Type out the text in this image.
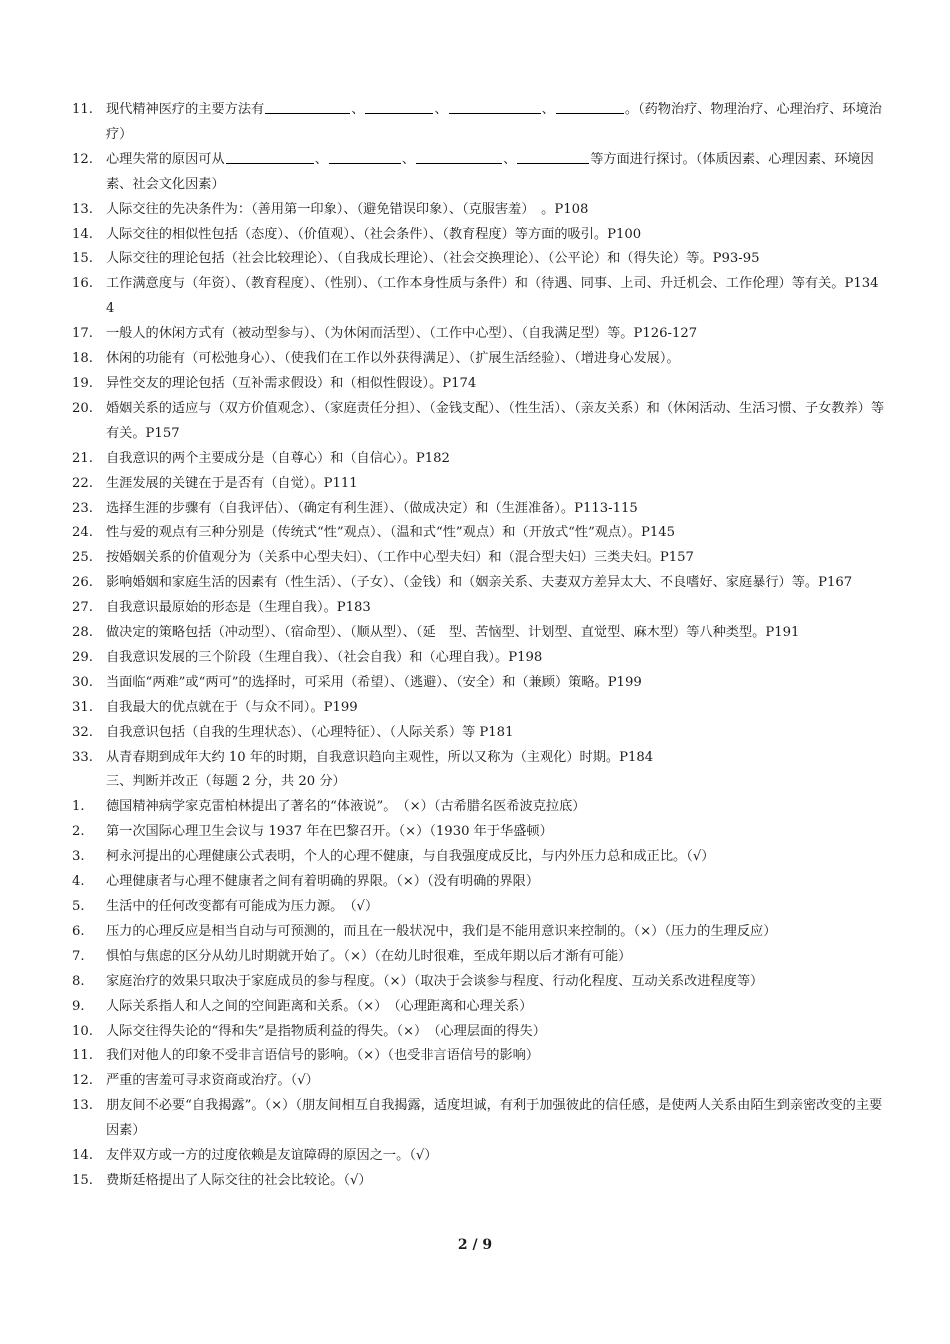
11. 现代精神医疗的主要方法有	、	、	、	。（药物治疗、物理治疗、心理治疗、环境治疗）

12. 心理失常的原因可从	、	、	、	等方面进行探讨。（体质因素、心理因素、环境因素、社会文化因素）

13. 人际交往的先决条件为：（善用第一印象）、（避免错误印象）、（克服害羞）　。P108

14. 人际交往的相似性包括（态度）、（价值观）、（社会条件）、（教育程度）等方面的吸引。P100

15. 人际交往的理论包括（社会比较理论）、（自我成长理论）、（社会交换理论）、（公平论）和（得失论）等。P93-95

16. 工作满意度与（年资）、（教育程度）、（性别）、（工作本身性质与条件）和（待遇、同事、上司、升迁机会、工作伦理）等有关。P134 4

17. 一般人的休闲方式有（被动型参与）、（为休闲而活型）、（工作中心型）、（自我满足型）等。P126-127

18. 休闲的功能有（可松弛身心）、（使我们在工作以外获得满足）、（扩展生活经验）、（增进身心发展）。

19. 异性交友的理论包括（互补需求假设）和（相似性假设）。P174

20. 婚姻关系的适应与（双方价值观念）、（家庭责任分担）、（金钱支配）、（性生活）、（亲友关系）和（休闲活动、生活习惯、子女教养）等有关。P157

21. 自我意识的两个主要成分是（自尊心）和（自信心）。P182

22. 生涯发展的关键在于是否有（自觉）。P111

23. 选择生涯的步骤有（自我评估）、（确定有利生涯）、（做成决定）和（生涯准备）。P113-115

24. 性与爱的观点有三种分别是（传统式“性”观点）、（温和式“性”观点）和（开放式“性”观点）。P145

25. 按婚姻关系的价值观分为（关系中心型夫妇）、（工作中心型夫妇）和（混合型夫妇）三类夫妇。P157

26. 影响婚姻和家庭生活的因素有（性生活）、（子女）、（金钱）和（姻亲关系、夫妻双方差异太大、不良嗜好、家庭暴行）等。P167

27. 自我意识最原始的形态是（生理自我）。P183

28. 做决定的策略包括（冲动型）、（宿命型）、（顺从型）、（延　型、苦恼型、计划型、直觉型、麻木型）等八种类型。P191

29. 自我意识发展的三个阶段（生理自我）、（社会自我）和（心理自我）。P198

30. 当面临“两难”或“两可”的选择时，可采用（希望）、（逃避）、（安全）和（兼顾）策略。P199

31. 自我最大的优点就在于（与众不同）。P199

32. 自我意识包括（自我的生理状态）、（心理特征）、（人际关系）等 P181

33. 从青春期到成年大约 10 年的时期，自我意识趋向主观性，所以又称为（主观化）时期。P184

三、判断并改正（每题 2 分，共 20 分）

1.	德国精神病学家克雷柏林提出了著名的“体液说”。　（×）（古希腊名医希波克拉底）

2.	第一次国际心理卫生会议与 1937 年在巴黎召开。（×）（1930 年于华盛顿）

3.	柯永河提出的心理健康公式表明，个人的心理不健康，与自我强度成反比，与内外压力总和成正比。（√）

4.	心理健康者与心理不健康者之间有着明确的界限。（×）（没有明确的界限）

5.	生活中的任何改变都有可能成为压力源。　（√）

6.	压力的心理反应是相当自动与可预测的，而且在一般状况中，我们是不能用意识来控制的。（×）（压力的生理反应）

7.	惧怕与焦虑的区分从幼儿时期就开始了。（×）（在幼儿时很难，至成年期以后才渐有可能）

8.	家庭治疗的效果只取决于家庭成员的参与程度。（×）（取决于会谈参与程度、行动化程度、互动关系改进程度等）

9.	人际关系指人和人之间的空间距离和关系。（×）　（心理距离和心理关系）

10. 人际交往得失论的“得和失”是指物质利益的得失。（×）　（心理层面的得失）

11. 我们对他人的印象不受非言语信号的影响。（×）（也受非言语信号的影响）

12. 严重的害羞可寻求资商或治疗。（√）

13. 朋友间不必要“自我揭露”。（×）（朋友间相互自我揭露，适度坦诚，有利于加强彼此的信任感，是使两人关系由陌生到亲密改变的主要因素）

14. 友伴双方或一方的过度依赖是友谊障碍的原因之一。（√）

15. 费斯廷格提出了人际交往的社会比较论。（√）

2 / 9
